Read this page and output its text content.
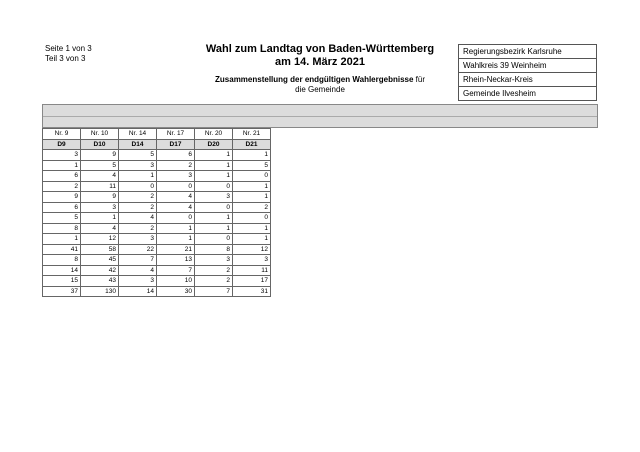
Seite 1 von 3
Teil 3 von 3
Wahl zum Landtag von Baden-Württemberg
am 14. März 2021
Zusammenstellung der endgültigen Wahlergebnisse für
die Gemeinde
Regierungsbezirk Karlsruhe
Wahlkreis 39 Weinheim
Rhein-Neckar-Kreis
Gemeinde Ilvesheim
Nr. 9	Nr. 10	Nr. 14	Nr. 17	Nr. 20	Nr. 21
D9	D10	D14	D17	D20	D21
3	9	5	6	1	1
1	5	3	2	1	5
6	4	1	3	1	0
2	11	0	0	0	1
9	9	2	4	3	1
6	3	2	4	0	2
5	1	4	0	1	0
8	4	2	1	1	1
1	12	3	1	0	1
41	58	22	21	8	12
8	45	7	13	3	3
14	42	4	7	2	11
15	43	3	10	2	17
37	130	14	30	7	31
